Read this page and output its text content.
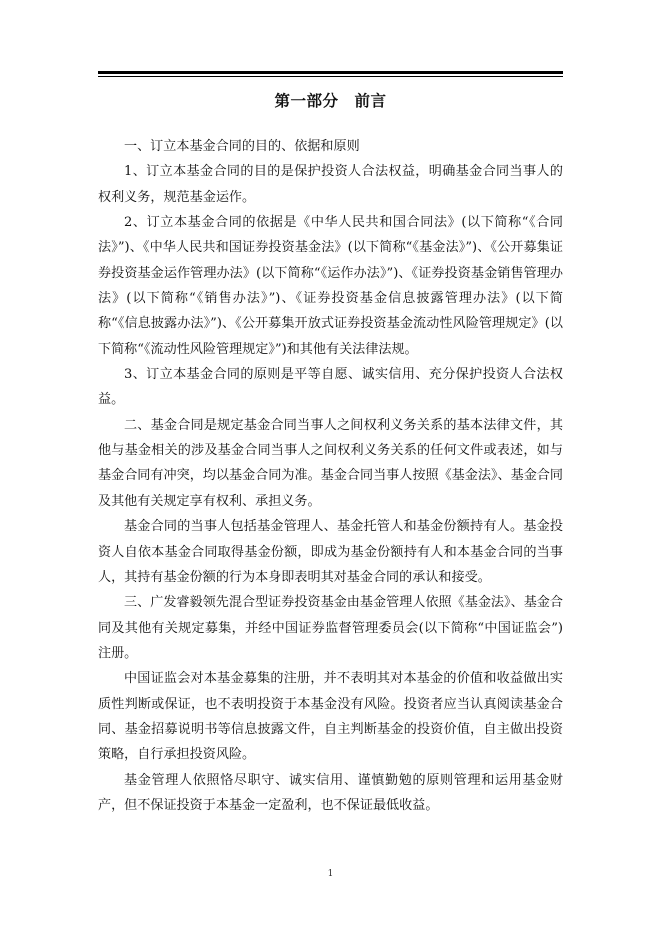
第一部分　前言

一、订立本基金合同的目的、依据和原则

1、订立本基金合同的目的是保护投资人合法权益，明确基金合同当事人的权利义务，规范基金运作。

2、订立本基金合同的依据是《中华人民共和国合同法》(以下简称“《合同法》”)、《中华人民共和国证券投资基金法》(以下简称“《基金法》”)、《公开募集证券投资基金运作管理办法》(以下简称“《运作办法》”)、《证券投资基金销售管理办法》(以下简称“《销售办法》”)、《证券投资基金信息披露管理办法》(以下简称“《信息披露办法》”)、《公开募集开放式证券投资基金流动性风险管理规定》(以下简称“《流动性风险管理规定》”)和其他有关法律法规。

3、订立本基金合同的原则是平等自愿、诚实信用、充分保护投资人合法权益。

二、基金合同是规定基金合同当事人之间权利义务关系的基本法律文件，其他与基金相关的涉及基金合同当事人之间权利义务关系的任何文件或表述，如与基金合同有冲突，均以基金合同为准。基金合同当事人按照《基金法》、基金合同及其他有关规定享有权利、承担义务。

基金合同的当事人包括基金管理人、基金托管人和基金份额持有人。基金投资人自依本基金合同取得基金份额，即成为基金份额持有人和本基金合同的当事人，其持有基金份额的行为本身即表明其对基金合同的承认和接受。

三、广发睿毅领先混合型证券投资基金由基金管理人依照《基金法》、基金合同及其他有关规定募集，并经中国证券监督管理委员会(以下简称“中国证监会”)注册。

中国证监会对本基金募集的注册，并不表明其对本基金的价值和收益做出实质性判断或保证，也不表明投资于本基金没有风险。投资者应当认真阅读基金合同、基金招募说明书等信息披露文件，自主判断基金的投资价值，自主做出投资策略，自行承担投资风险。

基金管理人依照恪尽职守、诚实信用、谨慎勤勉的原则管理和运用基金财产，但不保证投资于本基金一定盈利，也不保证最低收益。

1
